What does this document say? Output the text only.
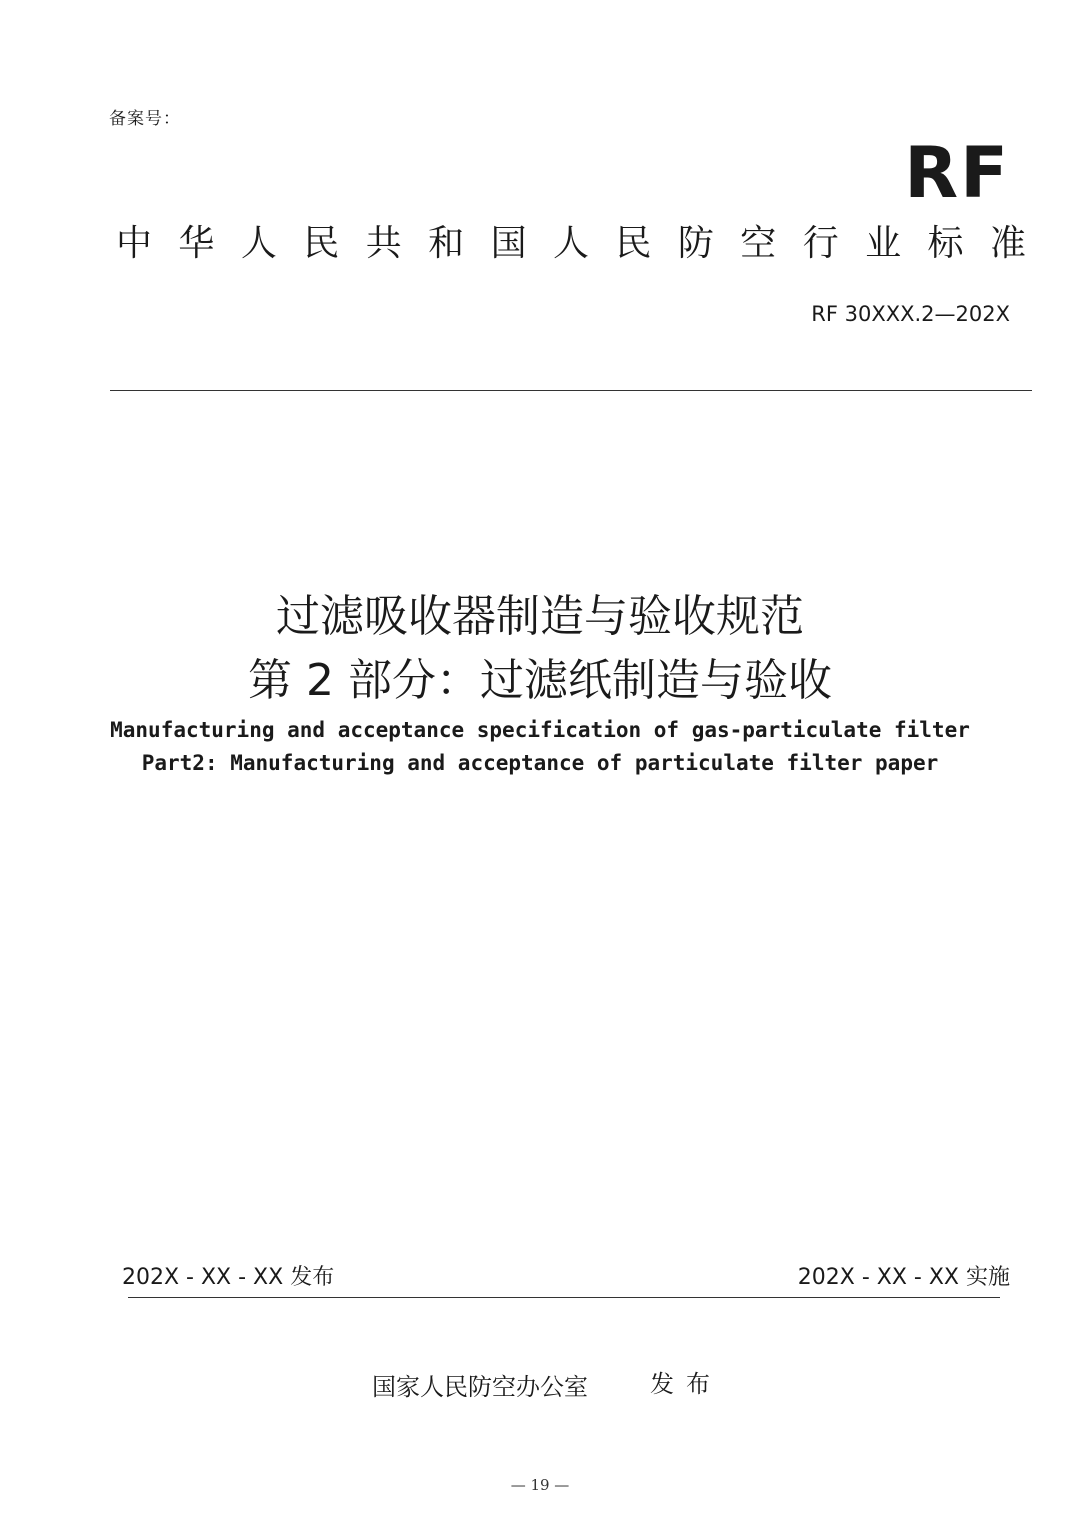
备案号：
RF
中 华 人 民 共 和 国 人 民 防 空 行 业 标 准
RF 30XXX.2—202X
过滤吸收器制造与验收规范
第 2 部分：过滤纸制造与验收
Manufacturing and acceptance specification of gas-particulate filter
Part2: Manufacturing and acceptance of particulate filter paper
202X - XX - XX 发布	202X - XX - XX 实施
国家人民防空办公室	发布
— 19 —
